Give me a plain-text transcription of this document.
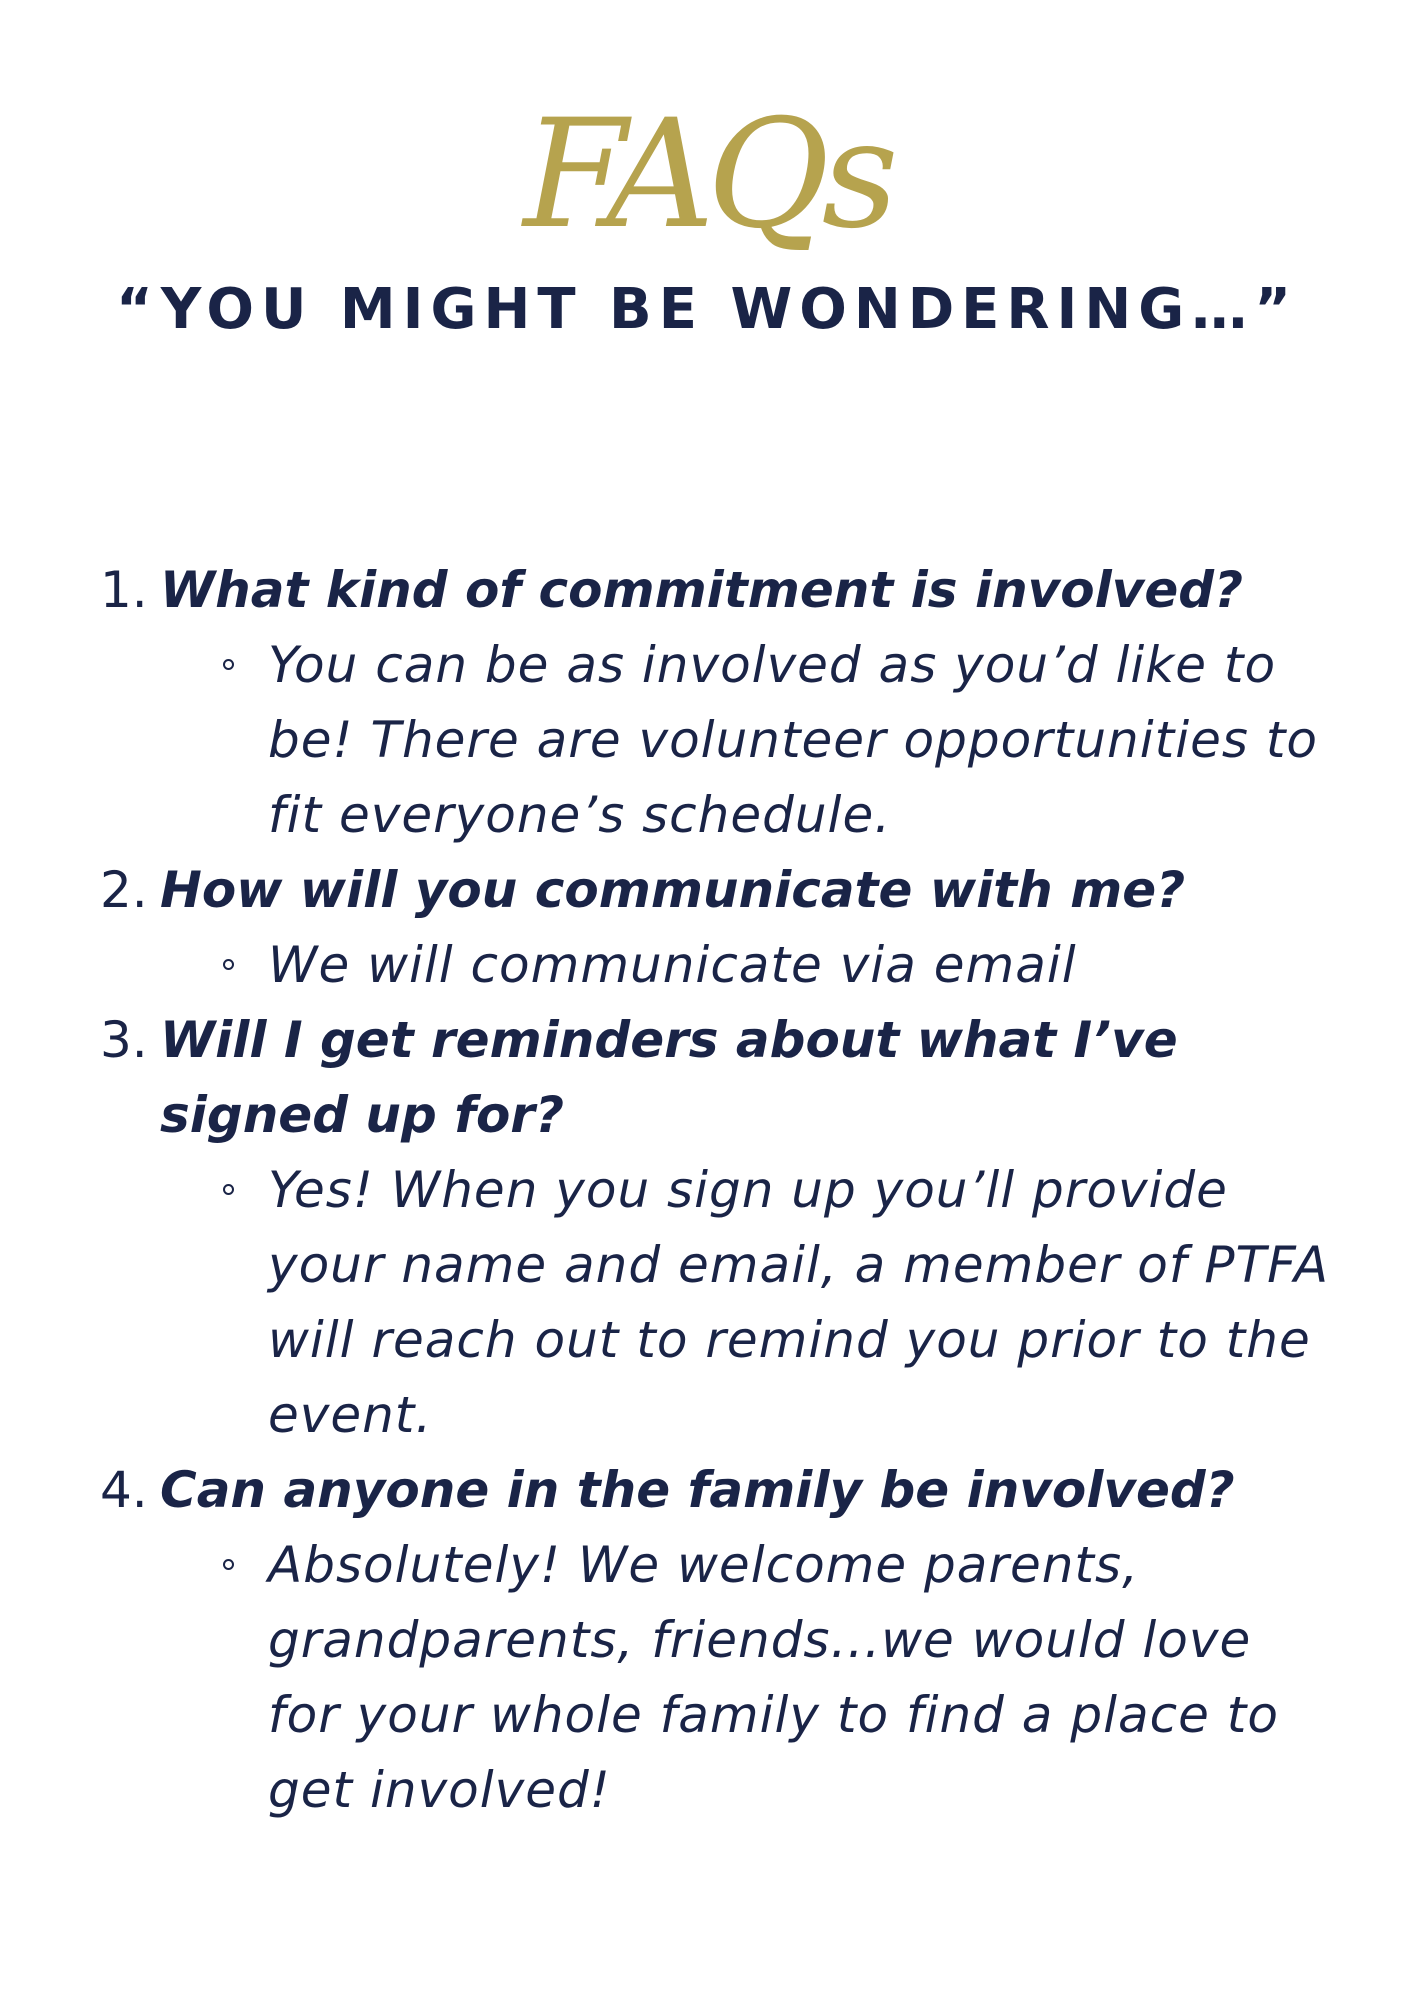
FAQs
“YOU MIGHT BE WONDERING…”
1. What kind of commitment is involved?
You can be as involved as you’d like to be! There are volunteer opportunities to fit everyone’s schedule.
2. How will you communicate with me?
We will communicate via email
3. Will I get reminders about what I’ve signed up for?
Yes! When you sign up you’ll provide your name and email, a member of PTFA will reach out to remind you prior to the event.
4. Can anyone in the family be involved?
Absolutely! We welcome parents, grandparents, friends...we would love for your whole family to find a place to get involved!
